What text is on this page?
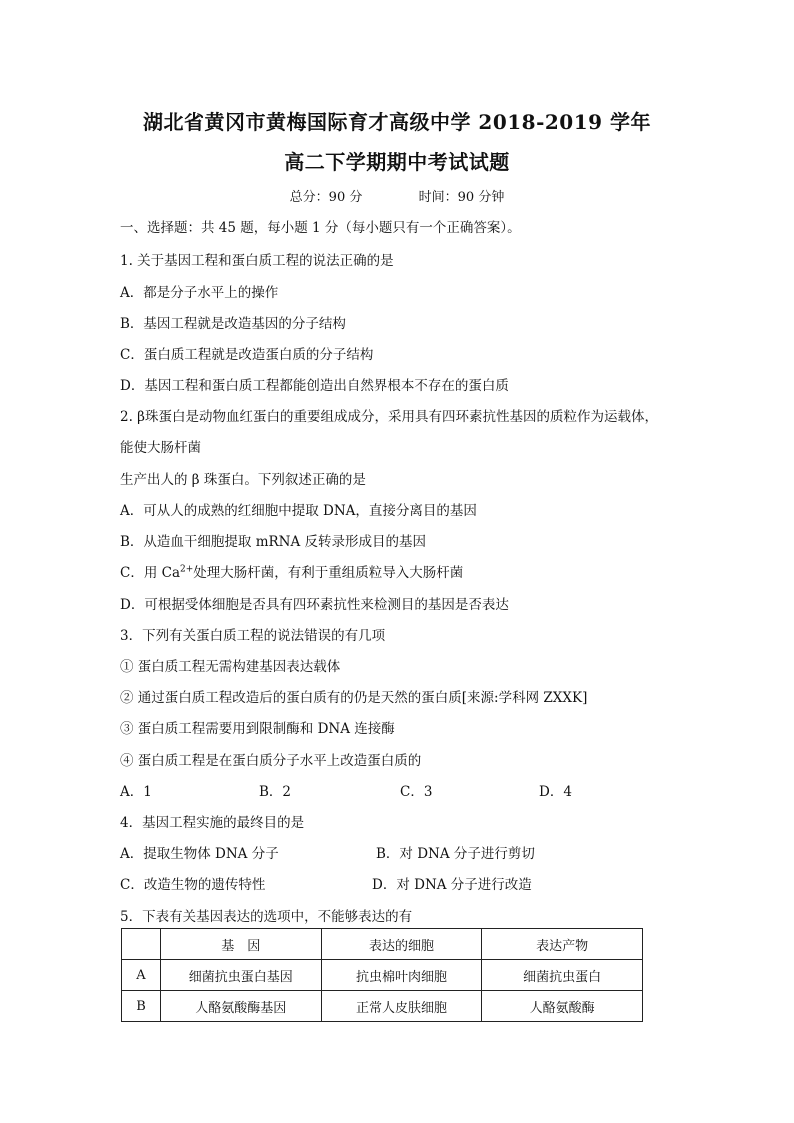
湖北省黄冈市黄梅国际育才高级中学 2018-2019 学年
高二下学期期中考试试题
总分：90 分	时间：90 分钟
一、选择题：共 45 题，每小题 1 分（每小题只有一个正确答案）。
1. 关于基因工程和蛋白质工程的说法正确的是
A．都是分子水平上的操作
B．基因工程就是改造基因的分子结构
C．蛋白质工程就是改造蛋白质的分子结构
D．基因工程和蛋白质工程都能创造出自然界根本不存在的蛋白质
2. β珠蛋白是动物血红蛋白的重要组成成分，采用具有四环素抗性基因的质粒作为运载体，
能使大肠杆菌
生产出人的 β 珠蛋白。下列叙述正确的是
A．可从人的成熟的红细胞中提取 DNA，直接分离目的基因
B．从造血干细胞提取 mRNA 反转录形成目的基因
C．用 $Ca^{2+}$处理大肠杆菌，有利于重组质粒导入大肠杆菌
D．可根据受体细胞是否具有四环素抗性来检测目的基因是否表达
3．下列有关蛋白质工程的说法错误的有几项
① 蛋白质工程无需构建基因表达载体
② 通过蛋白质工程改造后的蛋白质有的仍是天然的蛋白质[来源:学科网 ZXXK]
③ 蛋白质工程需要用到限制酶和 DNA 连接酶
④ 蛋白质工程是在蛋白质分子水平上改造蛋白质的
A．1	B．2	C．3	D．4
4．基因工程实施的最终目的是
A．提取生物体 DNA 分子	B．对 DNA 分子进行剪切
C．改造生物的遗传特性	D．对 DNA 分子进行改造
5．下表有关基因表达的选项中，不能够表达的有
	基　因	表达的细胞	表达产物
A	细菌抗虫蛋白基因	抗虫棉叶肉细胞	细菌抗虫蛋白
B	人酪氨酸酶基因	正常人皮肤细胞	人酪氨酸酶
